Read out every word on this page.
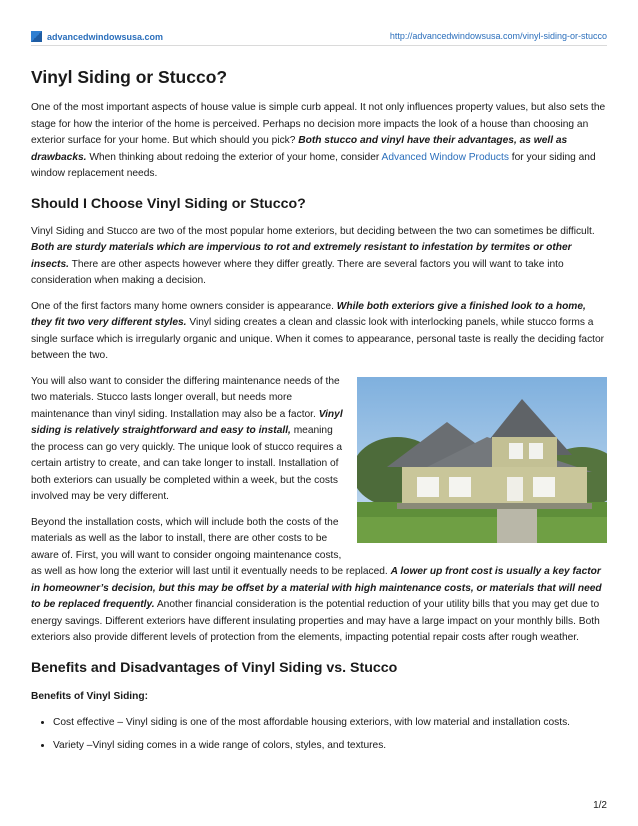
advancedwindowsusa.com	http://advancedwindowsusa.com/vinyl-siding-or-stucco
Vinyl Siding or Stucco?

One of the most important aspects of house value is simple curb appeal. It not only influences property values, but also sets the stage for how the interior of the home is perceived. Perhaps no decision more impacts the look of a house than choosing an exterior surface for your home. But which should you pick? Both stucco and vinyl have their advantages, as well as drawbacks. When thinking about redoing the exterior of your home, consider Advanced Window Products for your siding and window replacement needs.

Should I Choose Vinyl Siding or Stucco?

Vinyl Siding and Stucco are two of the most popular home exteriors, but deciding between the two can sometimes be difficult. Both are sturdy materials which are impervious to rot and extremely resistant to infestation by termites or other insects. There are other aspects however where they differ greatly. There are several factors you will want to take into consideration when making a decision.

One of the first factors many home owners consider is appearance. While both exteriors give a finished look to a home, they fit two very different styles. Vinyl siding creates a clean and classic look with interlocking panels, while stucco forms a single surface which is irregularly organic and unique. When it comes to appearance, personal taste is really the deciding factor between the two.

You will also want to consider the differing maintenance needs of the two materials. Stucco lasts longer overall, but needs more maintenance than vinyl siding. Installation may also be a factor. Vinyl siding is relatively straightforward and easy to install, meaning the process can go very quickly. The unique look of stucco requires a certain artistry to create, and can take longer to install. Installation of both exteriors can usually be completed within a week, but the costs involved may be very different.

Beyond the installation costs, which will include both the costs of the materials as well as the labor to install, there are other costs to be aware of. First, you will want to consider ongoing maintenance costs, as well as how long the exterior will last until it eventually needs to be replaced. A lower up front cost is usually a key factor in homeowner’s decision, but this may be offset by a material with high maintenance costs, or materials that will need to be replaced frequently. Another financial consideration is the potential reduction of your utility bills that you may get due to energy savings. Different exteriors have different insulating properties and may have a large impact on your monthly bills. Both exteriors also provide different levels of protection from the elements, impacting potential repair costs after rough weather.

Benefits and Disadvantages of Vinyl Siding vs. Stucco
Benefits of Vinyl Siding:
• Cost effective – Vinyl siding is one of the most affordable housing exteriors, with low material and installation costs.
• Variety –Vinyl siding comes in a wide range of colors, styles, and textures.
1/2
